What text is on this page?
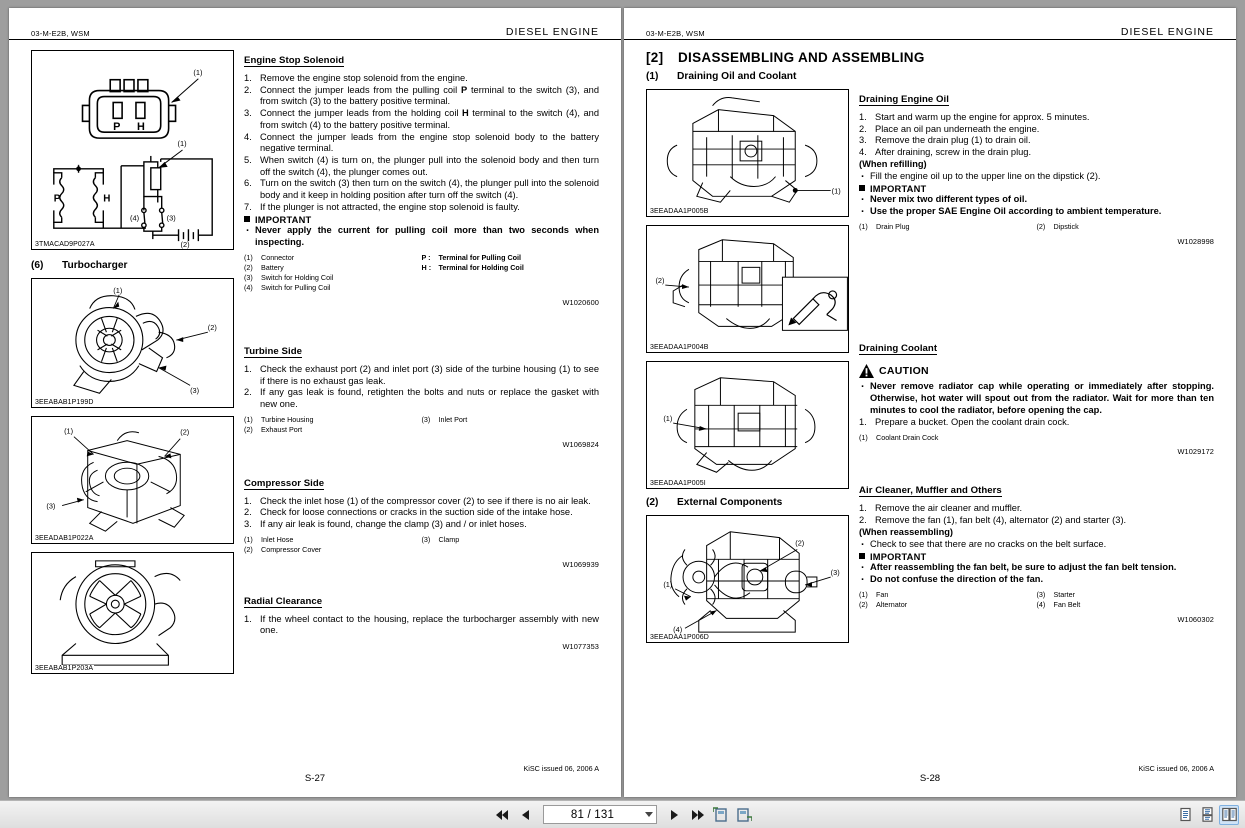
03-M-E2B, WSM	DIESEL ENGINE
P H
(1)
(1)
P	H
(4)	(3)
(2)
3TMACAD9P027A
(6)	Turbocharger
(1)
(2)
(3)
3EEABAB1P199D
(1)	(2)
(3)
3EEADAB1P022A
3EEABAB1P203A
Engine Stop Solenoid
1. Remove the engine stop solenoid from the engine.
2. Connect the jumper leads from the pulling coil P terminal to the switch (3), and from switch (3) to the battery positive terminal.
3. Connect the jumper leads from the holding coil H terminal to the switch (4), and from switch (4) to the battery positive terminal.
4. Connect the jumper leads from the engine stop solenoid body to the battery negative terminal.
5. When switch (4) is turn on, the plunger pull into the solenoid body and then turn off the switch (4), the plunger comes out.
6. Turn on the switch (3) then turn on the switch (4), the plunger pull into the solenoid body and it keep in holding position after turn off the switch (4).
7. If the plunger is not attracted, the engine stop solenoid is faulty.
IMPORTANT
· Never apply the current for pulling coil more than two seconds when inspecting.
(1)	Connector
(2)	Battery
(3)	Switch for Holding Coil
(4)	Switch for Pulling Coil
P :	Terminal for Pulling Coil
H :	Terminal for Holding Coil
W1020600
Turbine Side
1. Check the exhaust port (2) and inlet port (3) side of the turbine housing (1) to see if there is no exhaust gas leak.
2. If any gas leak is found, retighten the bolts and nuts or replace the gasket with new one.
(1)	Turbine Housing
(2)	Exhaust Port
(3)	Inlet Port
W1069824
Compressor Side
1. Check the inlet hose (1) of the compressor cover (2) to see if there is no air leak.
2. Check for loose connections or cracks in the suction side of the intake hose.
3. If any air leak is found, change the clamp (3) and / or inlet hoses.
(1)	Inlet Hose
(2)	Compressor Cover
(3)	Clamp
W1069939
Radial Clearance
1. If the wheel contact to the housing, replace the turbocharger assembly with new one.
W1077353
KiSC issued 06, 2006 A
S-27
03-M-E2B, WSM	DIESEL ENGINE
[2]	DISASSEMBLING AND ASSEMBLING
(1)	Draining Oil and Coolant
(1)
3EEADAA1P005B
(2)
3EEADAA1P004B
(1)
3EEADAA1P005I
(2)	External Components
(1)
(2)
(3)
(4)
3EEADAA1P006D
Draining Engine Oil
1. Start and warm up the engine for approx. 5 minutes.
2. Place an oil pan underneath the engine.
3. Remove the drain plug (1) to drain oil.
4. After draining, screw in the drain plug.
(When refilling)
· Fill the engine oil up to the upper line on the dipstick (2).
IMPORTANT
· Never mix two different types of oil.
· Use the proper SAE Engine Oil according to ambient temperature.
(1)	Drain Plug	(2)	Dipstick
W1028998
Draining Coolant
CAUTION
· Never remove radiator cap while operating or immediately after stopping. Otherwise, hot water will spout out from the radiator. Wait for more than ten minutes to cool the radiator, before opening the cap.
1. Prepare a bucket. Open the coolant drain cock.
(1)	Coolant Drain Cock
W1029172
Air Cleaner, Muffler and Others
1. Remove the air cleaner and muffler.
2. Remove the fan (1), fan belt (4), alternator (2) and starter (3).
(When reassembling)
· Check to see that there are no cracks on the belt surface.
IMPORTANT
· After reassembling the fan belt, be sure to adjust the fan belt tension.
· Do not confuse the direction of the fan.
(1)	Fan
(2)	Alternator
(3)	Starter
(4)	Fan Belt
W1060302
KiSC issued 06, 2006 A
S-28
81 / 131
